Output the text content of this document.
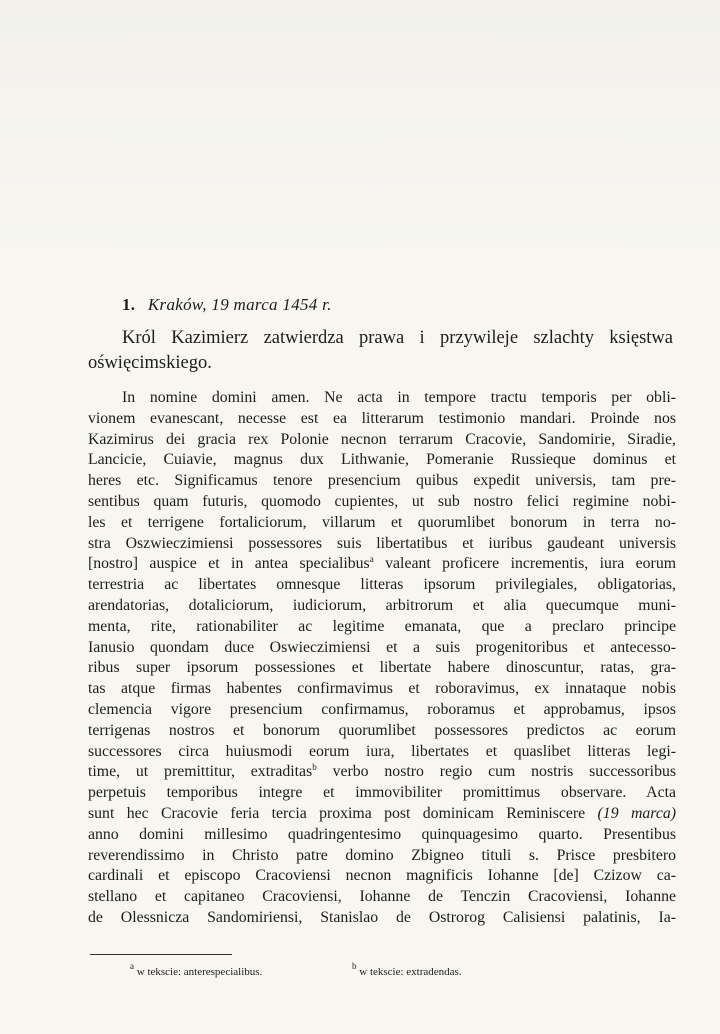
1. Kraków, 19 marca 1454 r.
Król Kazimierz zatwierdza prawa i przywileje szlachty księstwa oświęcimskiego.
In nomine domini amen. Ne acta in tempore tractu temporis per obli-
vionem evanescant, necesse est ea litterarum testimonio mandari. Proinde nos
Kazimirus dei gracia rex Polonie necnon terrarum Cracovie, Sandomirie, Siradie,
Lancicie, Cuiavie, magnus dux Lithwanie, Pomeranie Russieque dominus et
heres etc. Significamus tenore presencium quibus expedit universis, tam pre-
sentibus quam futuris, quomodo cupientes, ut sub nostro felici regimine nobi-
les et terrigene fortaliciorum, villarum et quorumlibet bonorum in terra no-
stra Oszwieczimiensi possessores suis libertatibus et iuribus gaudeant universis
[nostro] auspice et in antea specialibus$^a$ valeant proficere incrementis, iura eorum
terrestria ac libertates omnesque litteras ipsorum privilegiales, obligatorias,
arendatorias, dotaliciorum, iudiciorum, arbitrorum et alia quecumque muni-
menta, rite, rationabiliter ac legitime emanata, que a preclaro principe
Ianusio quondam duce Oswieczimiensi et a suis progenitoribus et antecesso-
ribus super ipsorum possessiones et libertate habere dinoscuntur, ratas, gra-
tas atque firmas habentes confirmavimus et roboravimus, ex innataque nobis
clemencia vigore presencium confirmamus, roboramus et approbamus, ipsos
terrigenas nostros et bonorum quorumlibet possessores predictos ac eorum
successores circa huiusmodi eorum iura, libertates et quaslibet litteras legi-
time, ut premittitur, extraditas$^b$ verbo nostro regio cum nostris successoribus
perpetuis temporibus integre et immovibiliter promittimus observare. Acta
sunt hec Cracovie feria tercia proxima post dominicam Reminiscere (19 marca)
anno domini millesimo quadringentesimo quinquagesimo quarto. Presentibus
reverendissimo in Christo patre domino Zbigneo tituli s. Prisce presbitero
cardinali et episcopo Cracoviensi necnon magnificis Iohanne [de] Czizow ca-
stellano et capitaneo Cracoviensi, Iohanne de Tenczin Cracoviensi, Iohanne
de Olessnicza Sandomiriensi, Stanislao de Ostrorog Calisiensi palatinis, Ia-
$^a$ w tekscie: anterespecialibus.	$^b$ w tekscie: extradendas.
